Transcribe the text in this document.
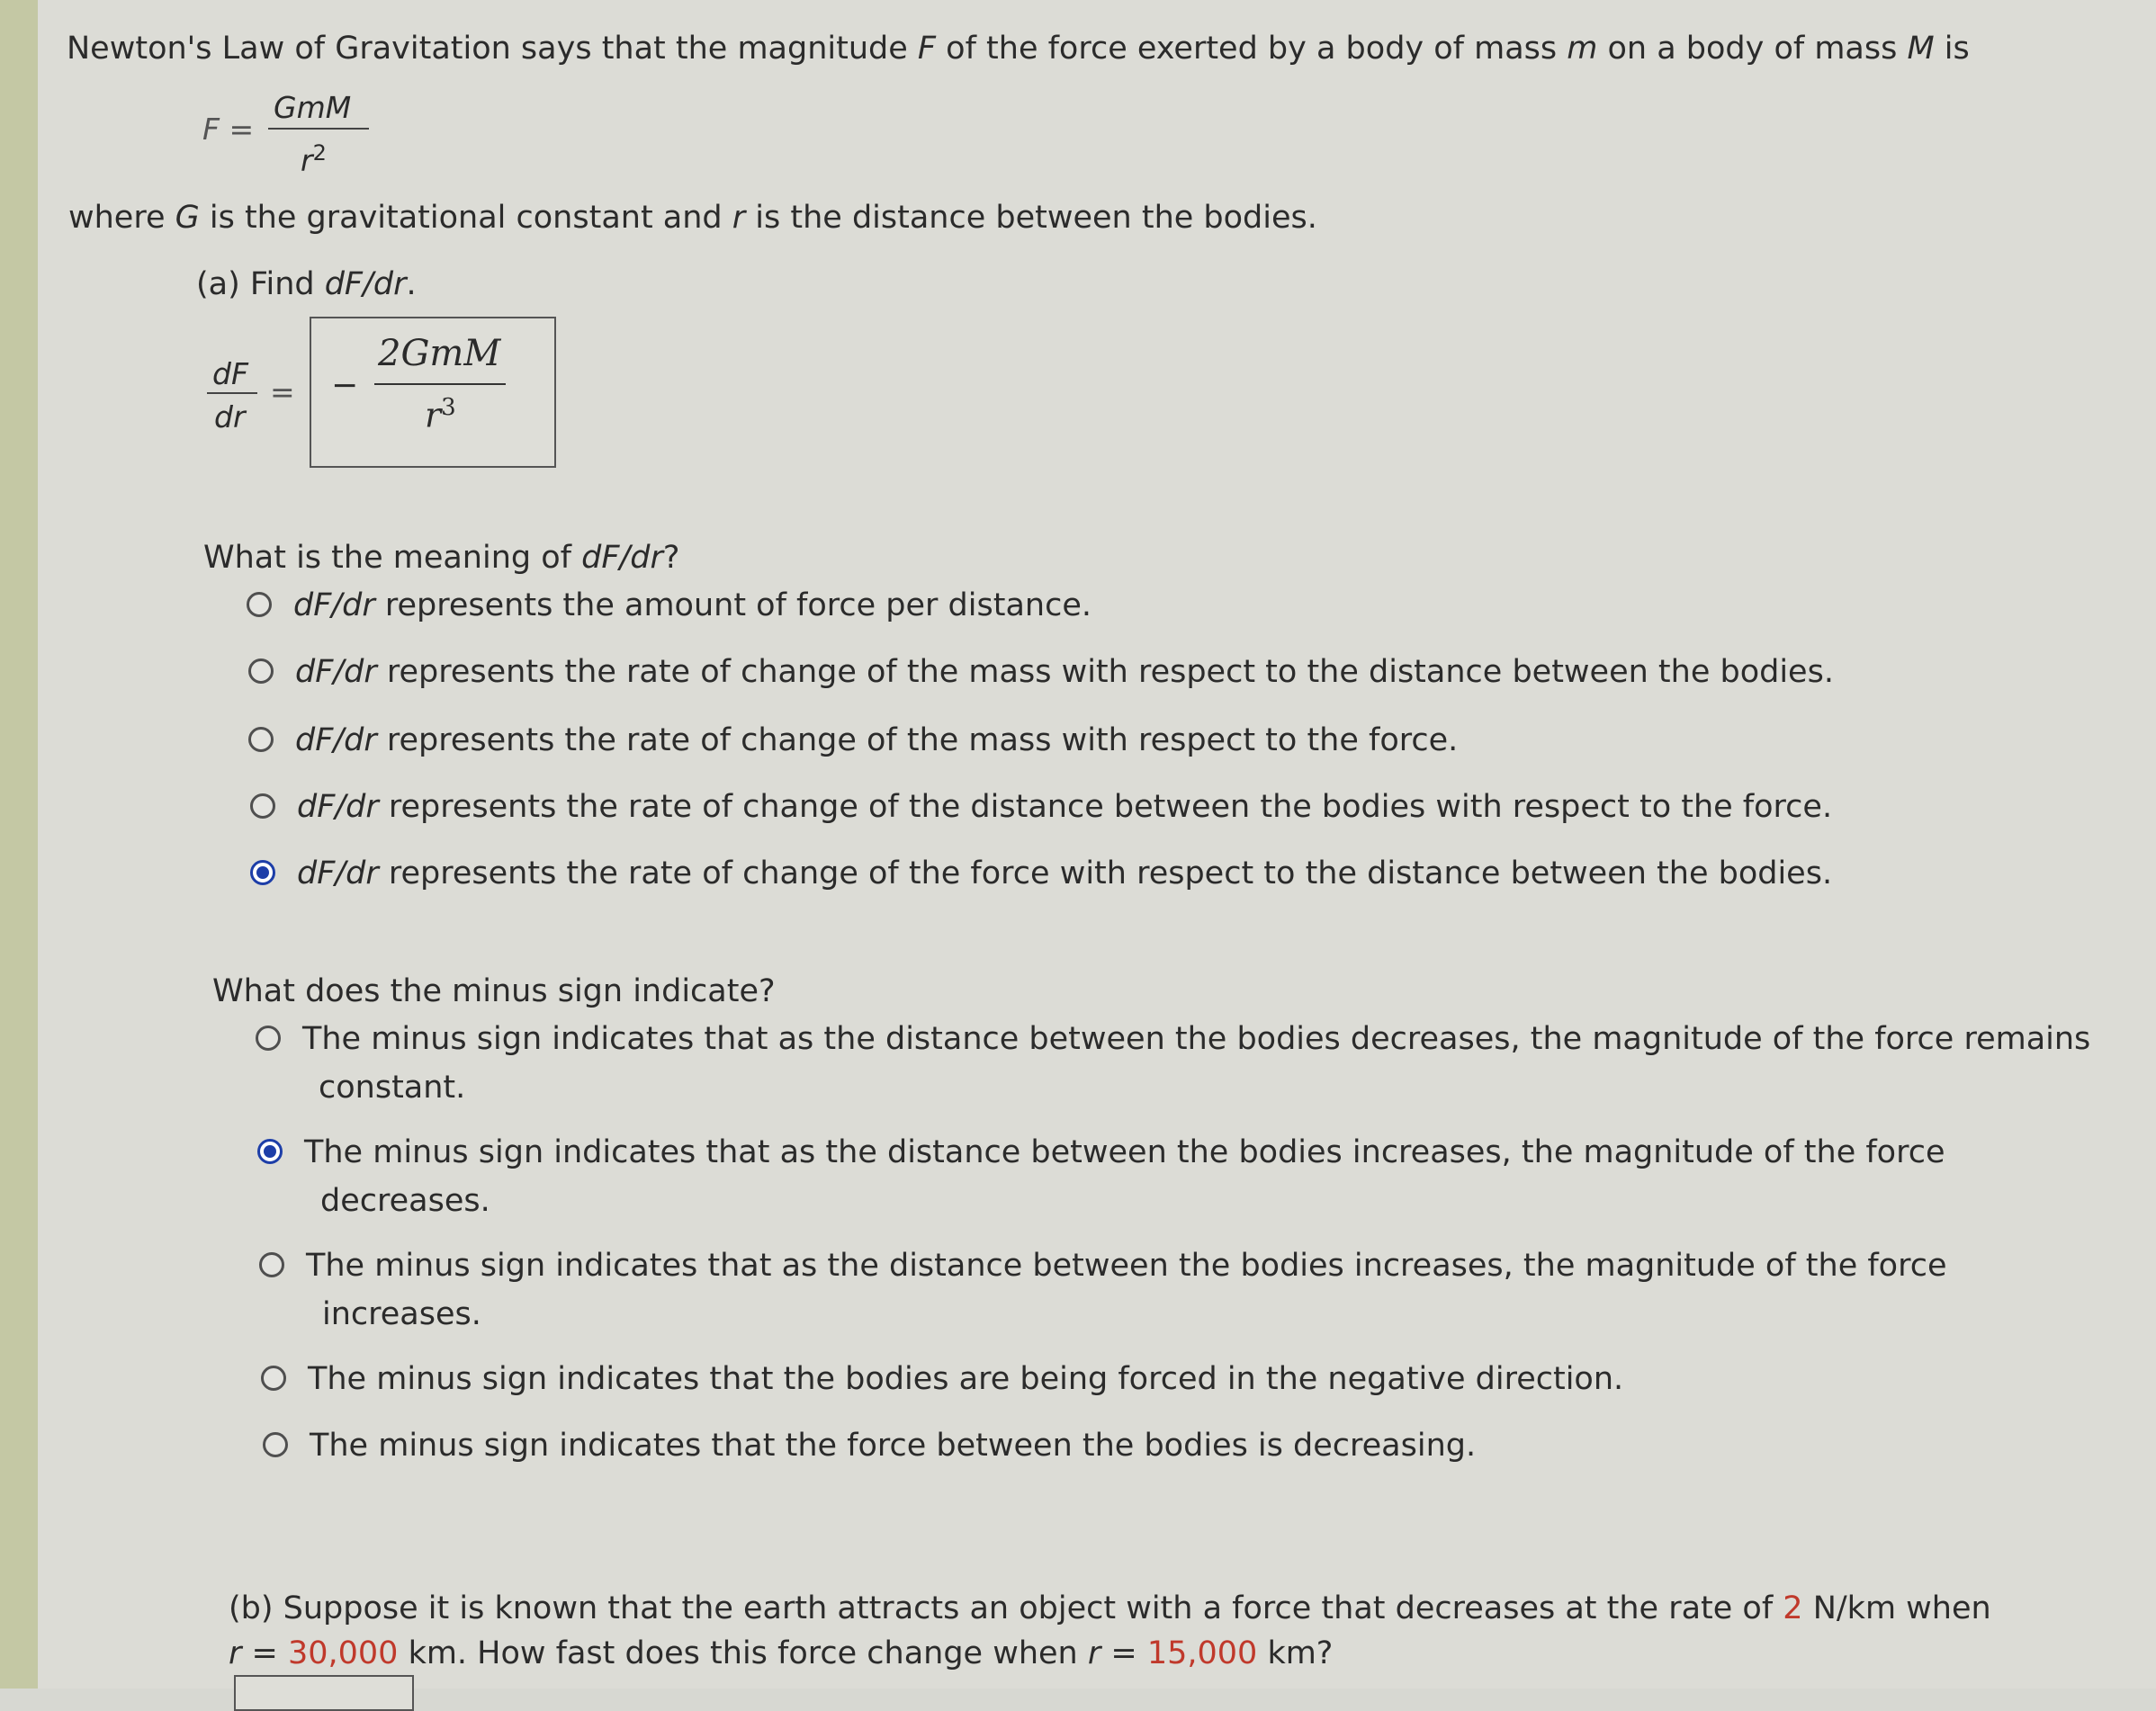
Newton's Law of Gravitation says that the magnitude F of the force exerted by a body of mass m on a body of mass M is
F =
GmM
$r^2$
where G is the gravitational constant and r is the distance between the bodies.
(a) Find dF/dr.
dF
dr
= −
2GmM
$r^3$
What is the meaning of dF/dr?
dF/dr represents the amount of force per distance.
dF/dr represents the rate of change of the mass with respect to the distance between the bodies.
dF/dr represents the rate of change of the mass with respect to the force.
dF/dr represents the rate of change of the distance between the bodies with respect to the force.
dF/dr represents the rate of change of the force with respect to the distance between the bodies.
What does the minus sign indicate?
The minus sign indicates that as the distance between the bodies decreases, the magnitude of the force remains
constant.
The minus sign indicates that as the distance between the bodies increases, the magnitude of the force
decreases.
The minus sign indicates that as the distance between the bodies increases, the magnitude of the force
increases.
The minus sign indicates that the bodies are being forced in the negative direction.
The minus sign indicates that the force between the bodies is decreasing.
(b) Suppose it is known that the earth attracts an object with a force that decreases at the rate of 2 N/km when
r = 30,000 km. How fast does this force change when r = 15,000 km?
